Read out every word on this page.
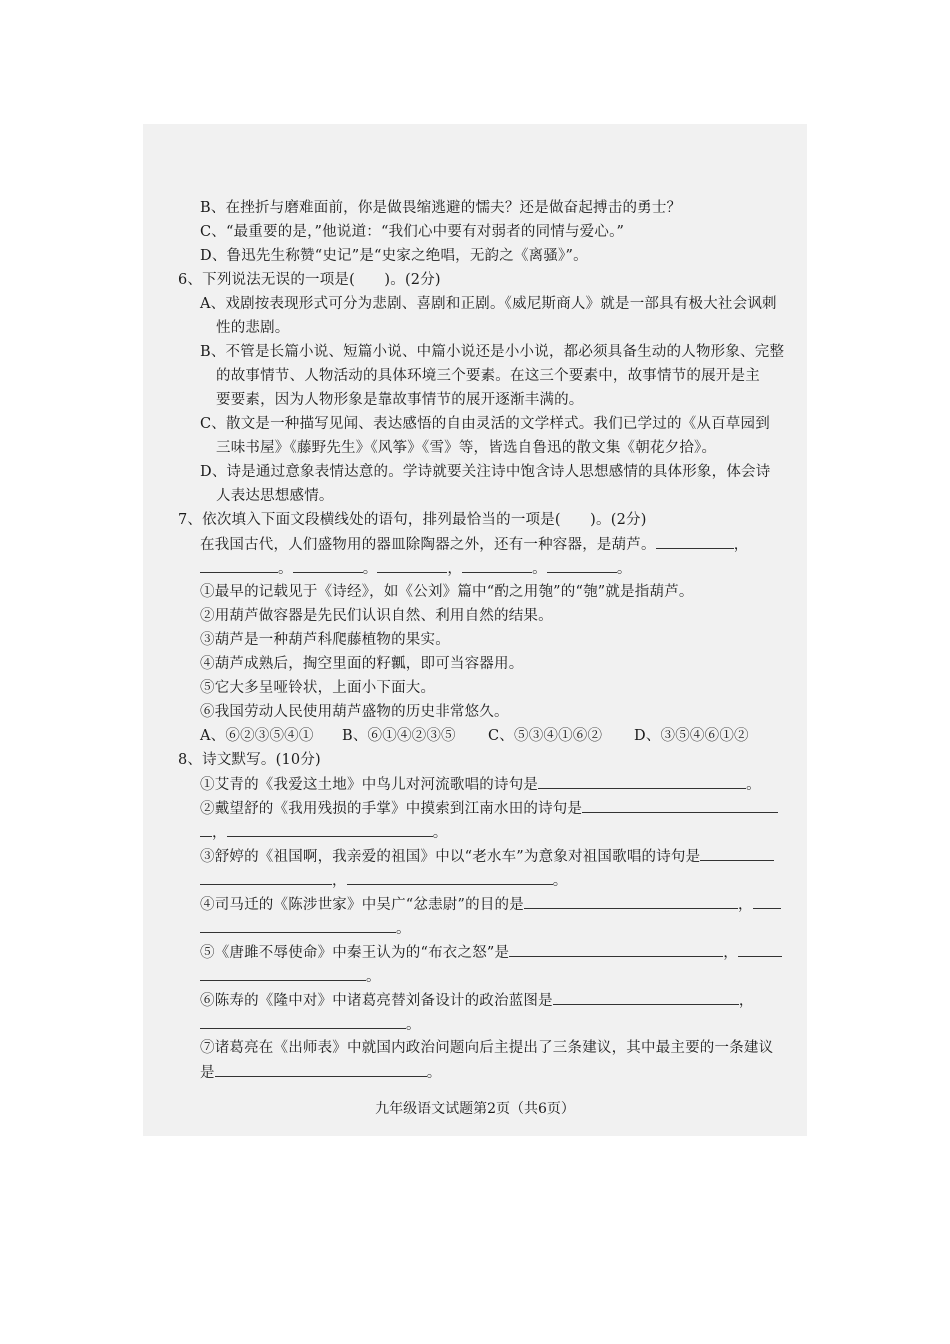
B、在挫折与磨难面前，你是做畏缩逃避的懦夫？还是做奋起搏击的勇士？
C、“最重要的是，”他说道：“我们心中要有对弱者的同情与爱心。”
D、鲁迅先生称赞“史记”是“史家之绝唱，无韵之《离骚》”。
6、下列说法无误的一项是(　　)。(2分)
A、戏剧按表现形式可分为悲剧、喜剧和正剧。《威尼斯商人》就是一部具有极大社会讽刺
性的悲剧。
B、不管是长篇小说、短篇小说、中篇小说还是小小说，都必须具备生动的人物形象、完整
的故事情节、人物活动的具体环境三个要素。在这三个要素中，故事情节的展开是主
要要素，因为人物形象是靠故事情节的展开逐渐丰满的。
C、散文是一种描写见闻、表达感悟的自由灵活的文学样式。我们已学过的《从百草园到
三味书屋》《藤野先生》《风筝》《雪》等，皆选自鲁迅的散文集《朝花夕拾》。
D、诗是通过意象表情达意的。学诗就要关注诗中饱含诗人思想感情的具体形象，体会诗
人表达思想感情。
7、依次填入下面文段横线处的语句，排列最恰当的一项是(　　)。(2分)
在我国古代，人们盛物用的器皿除陶器之外，还有一种容器，是葫芦。	，
。	。	，	。	。
①最早的记载见于《诗经》，如《公刘》篇中“酌之用匏”的“匏”就是指葫芦。
②用葫芦做容器是先民们认识自然、利用自然的结果。
③葫芦是一种葫芦科爬藤植物的果实。
④葫芦成熟后，掏空里面的籽瓤，即可当容器用。
⑤它大多呈哑铃状，上面小下面大。
⑥我国劳动人民使用葫芦盛物的历史非常悠久。
A、⑥②③⑤④① B、⑥①④②③⑤ C、⑤③④①⑥② D、③⑤④⑥①②
8、诗文默写。(10分)
①艾青的《我爱这土地》中鸟儿对河流歌唱的诗句是	。
②戴望舒的《我用残损的手掌》中摸索到江南水田的诗句是
，	。
③舒婷的《祖国啊，我亲爱的祖国》中以“老水车”为意象对祖国歌唱的诗句是
，	。
④司马迁的《陈涉世家》中吴广“忿恚尉”的目的是	，
。
⑤《唐雎不辱使命》中秦王认为的“布衣之怒”是	，
。
⑥陈寿的《隆中对》中诸葛亮替刘备设计的政治蓝图是	，
。
⑦诸葛亮在《出师表》中就国内政治问题向后主提出了三条建议，其中最主要的一条建议
是	。
九年级语文试题第2页（共6页）
